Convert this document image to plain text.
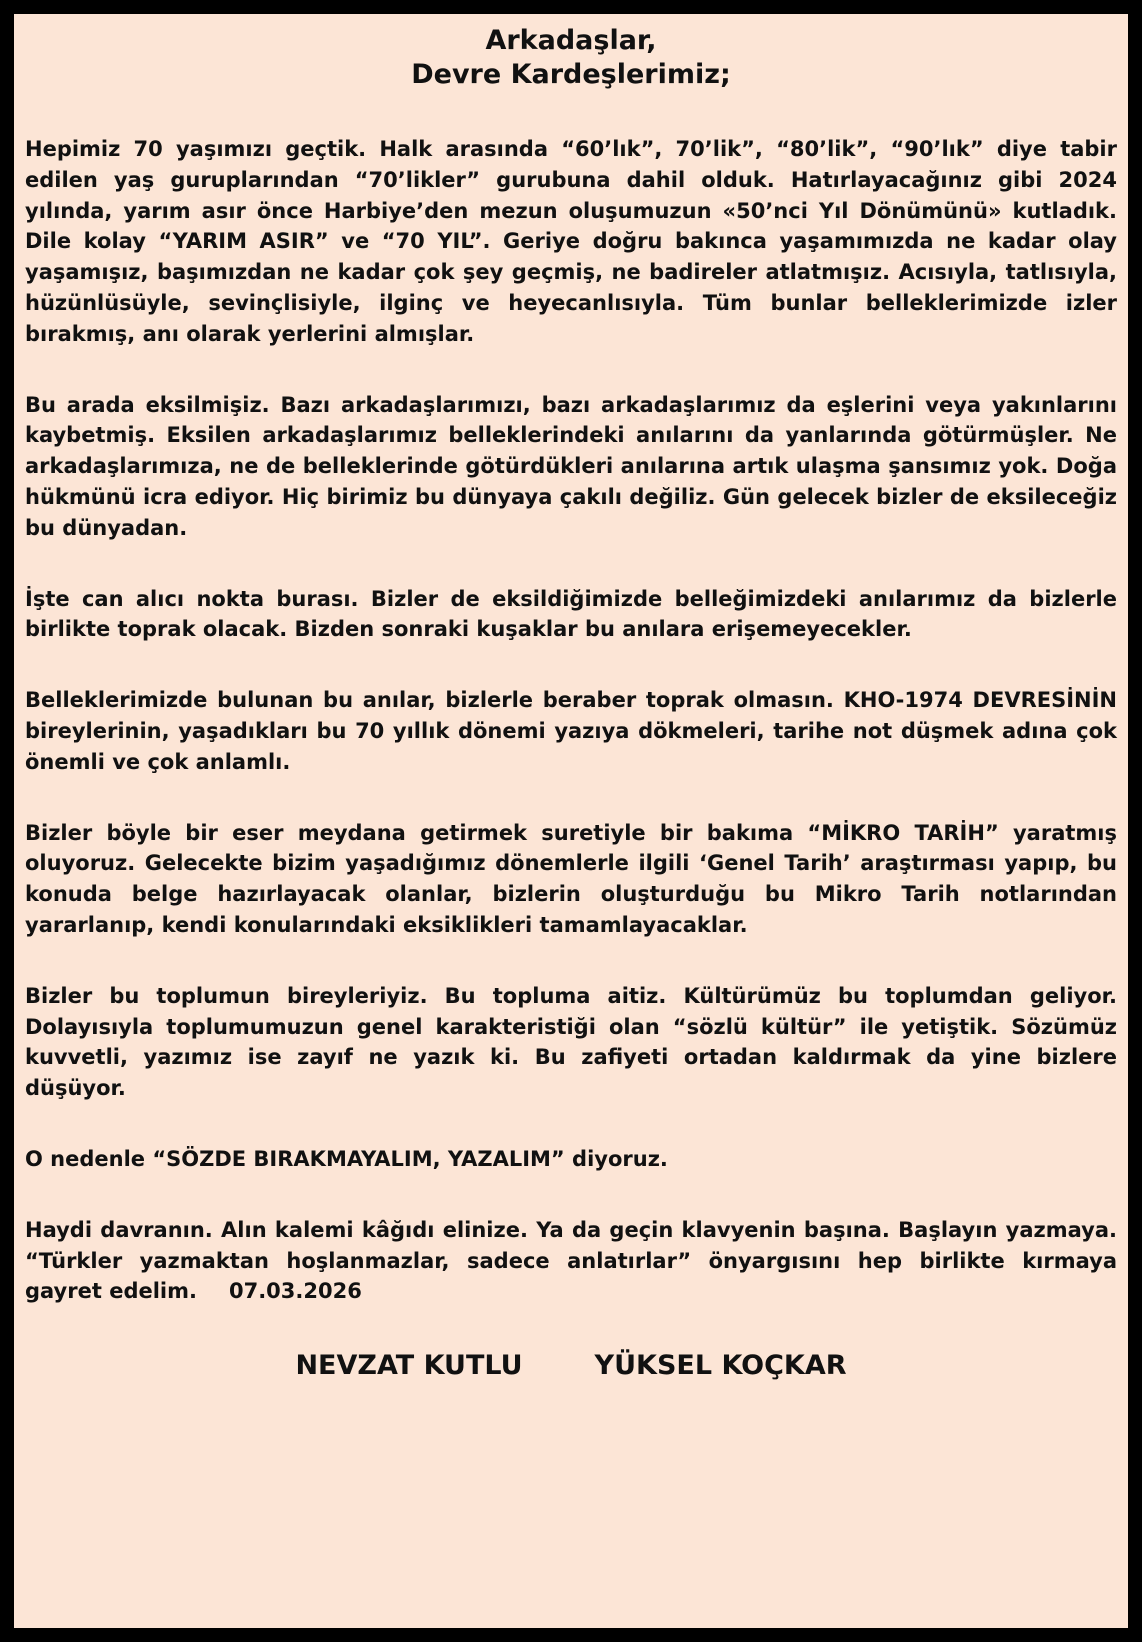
Arkadaşlar,

Devre Kardeşlerimiz;

Hepimiz 70 yaşımızı geçtik. Halk arasında “60’lık”, 70’lik”, “80’lik”, “90’lık” diye tabir edilen yaş guruplarından “70’likler” gurubuna dahil olduk. Hatırlayacağınız gibi 2024 yılında, yarım asır önce Harbiye’den mezun oluşumuzun «50’nci Yıl Dönümünü» kutladık. Dile kolay “YARIM ASIR” ve “70 YIL”. Geriye doğru bakınca yaşamımızda ne kadar olay yaşamışız, başımızdan ne kadar çok şey geçmiş, ne badireler atlatmışız. Acısıyla, tatlısıyla, hüzünlüsüyle, sevinçlisiyle, ilginç ve heyecanlısıyla. Tüm bunlar belleklerimizde izler bırakmış, anı olarak yerlerini almışlar.

Bu arada eksilmişiz. Bazı arkadaşlarımızı, bazı arkadaşlarımız da eşlerini veya yakınlarını kaybetmiş. Eksilen arkadaşlarımız belleklerindeki anılarını da yanlarında götürmüşler. Ne arkadaşlarımıza, ne de belleklerinde götürdükleri anılarına artık ulaşma şansımız yok. Doğa hükmünü icra ediyor. Hiç birimiz bu dünyaya çakılı değiliz. Gün gelecek bizler de eksileceğiz bu dünyadan.

İşte can alıcı nokta burası. Bizler de eksildiğimizde belleğimizdeki anılarımız da bizlerle birlikte toprak olacak. Bizden sonraki kuşaklar bu anılara erişemeyecekler.

Belleklerimizde bulunan bu anılar, bizlerle beraber toprak olmasın. KHO-1974 DEVRESİNİN bireylerinin, yaşadıkları bu 70 yıllık dönemi yazıya dökmeleri, tarihe not düşmek adına çok önemli ve çok anlamlı.

Bizler böyle bir eser meydana getirmek suretiyle bir bakıma “MİKRO TARİH” yaratmış oluyoruz. Gelecekte bizim yaşadığımız dönemlerle ilgili ‘Genel Tarih’ araştırması yapıp, bu konuda belge hazırlayacak olanlar, bizlerin oluşturduğu bu Mikro Tarih notlarından yararlanıp, kendi konularındaki eksiklikleri tamamlayacaklar.

Bizler bu toplumun bireyleriyiz. Bu topluma aitiz. Kültürümüz bu toplumdan geliyor. Dolayısıyla toplumumuzun genel karakteristiği olan “sözlü kültür” ile yetiştik. Sözümüz kuvvetli, yazımız ise zayıf ne yazık ki. Bu zafiyeti ortadan kaldırmak da yine bizlere düşüyor.

O nedenle “SÖZDE BIRAKMAYALIM, YAZALIM” diyoruz.

Haydi davranın. Alın kalemi kâğıdı elinize. Ya da geçin klavyenin başına. Başlayın yazmaya. “Türkler yazmaktan hoşlanmazlar, sadece anlatırlar” önyargısını hep birlikte kırmaya gayret edelim. 07.03.2026

NEVZAT KUTLU	YÜKSEL KOÇKAR
